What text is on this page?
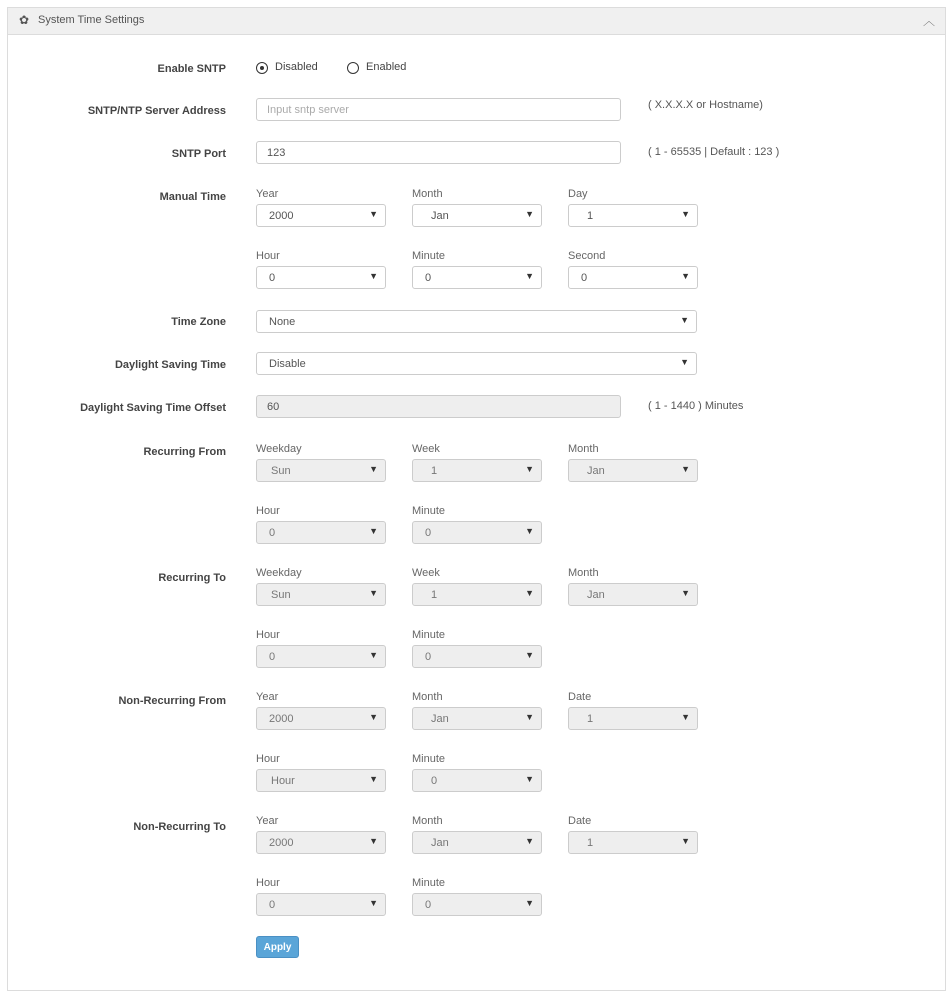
✿ System Time Settings	︿
Enable SNTP	Disabled	Enabled
SNTP/NTP Server Address	Input sntp server	( X.X.X.X or Hostname)
SNTP Port	123	( 1 - 65535 | Default : 123 )
Manual Time	Year	Month	Day
2000	▼	Jan	▼	1	▼
Hour	Minute	Second
0	▼	0	▼	0	▼
Time Zone	None	▼
Daylight Saving Time	Disable	▼
Daylight Saving Time Offset	60	( 1 - 1440 ) Minutes
Recurring From	Weekday	Week	Month
Sun	▼	1	▼	Jan	▼
Hour	Minute
0	▼	0	▼
Recurring To	Weekday	Week	Month
Sun	▼	1	▼	Jan	▼
Hour	Minute
0	▼	0	▼
Non-Recurring From	Year	Month	Date
2000	▼	Jan	▼	1	▼
Hour	Minute
Hour	▼	0	▼
Non-Recurring To	Year	Month	Date
2000	▼	Jan	▼	1	▼
Hour	Minute
0	▼	0	▼
Apply
